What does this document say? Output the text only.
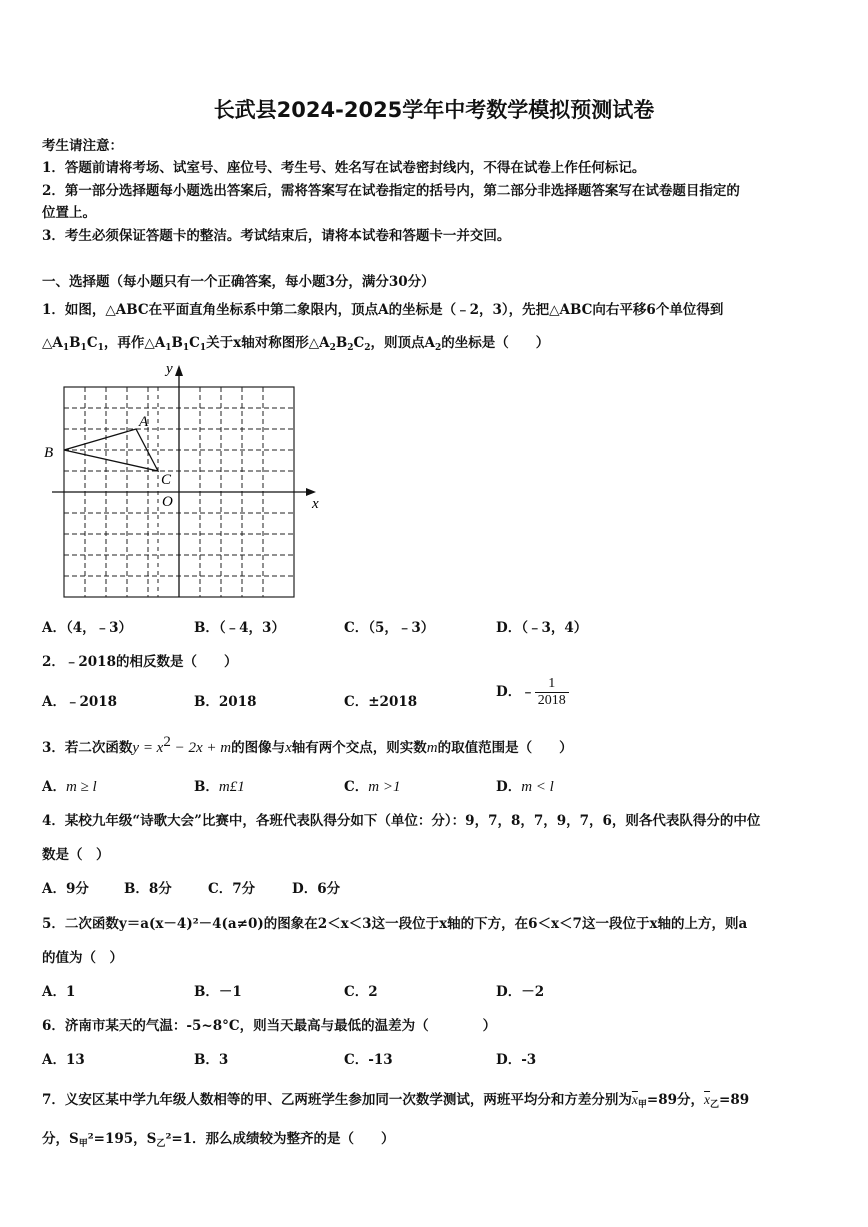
长武县2024-2025学年中考数学模拟预测试卷
考生请注意：
1．答题前请将考场、试室号、座位号、考生号、姓名写在试卷密封线内，不得在试卷上作任何标记。
2．第一部分选择题每小题选出答案后，需将答案写在试卷指定的括号内，第二部分非选择题答案写在试卷题目指定的
位置上。
3．考生必须保证答题卡的整洁。考试结束后，请将本试卷和答题卡一并交回。
一、选择题（每小题只有一个正确答案，每小题3分，满分30分）
1．如图，△ABC在平面直角坐标系中第二象限内，顶点A的坐标是（﹣2，3），先把△ABC向右平移6个单位得到
$\triangle A_1B_1C_1$，再作$\triangle A_1B_1C_1$关于x轴对称图形$\triangle A_2B_2C_2$，则顶点$A_2$的坐标是（　　）
y
x
A
B
C
O
A．（4，﹣3）	B．（﹣4，3）	C．（5，﹣3）	D．（﹣3，4）
2．﹣2018的相反数是（　　）
A．﹣2018	B．2018	C．±2018
D．﹣ $\frac{1}{2018}$
3．若二次函数y = x2 − 2x + m的图像与x轴有两个交点，则实数m的取值范围是（　　）
A．m ≥ l	B．m£1	C．m >1	D．m < l
4．某校九年级“诗歌大会”比赛中，各班代表队得分如下（单位：分）：9，7，8，7，9，7，6，则各代表队得分的中位
数是（　）
A．9分	B．8分	C．7分	D．6分
5．二次函数y＝a(x－4)²－4(a≠0)的图象在2＜x＜3这一段位于x轴的下方，在6＜x＜7这一段位于x轴的上方，则a
的值为（　）
A．1	B．－1	C．2	D．－2
6．济南市某天的气温：-5~8°C，则当天最高与最低的温差为（　　　　）
A．13	B．3	C．-13	D．-3
7．义安区某中学九年级人数相等的甲、乙两班学生参加同一次数学测试，两班平均分和方差分别为$\overline{x}_甲=89$分，$\overline{x}_乙=89$
分，$S_甲^2=195$，$S_乙^2=1$．那么成绩较为整齐的是（　　）
